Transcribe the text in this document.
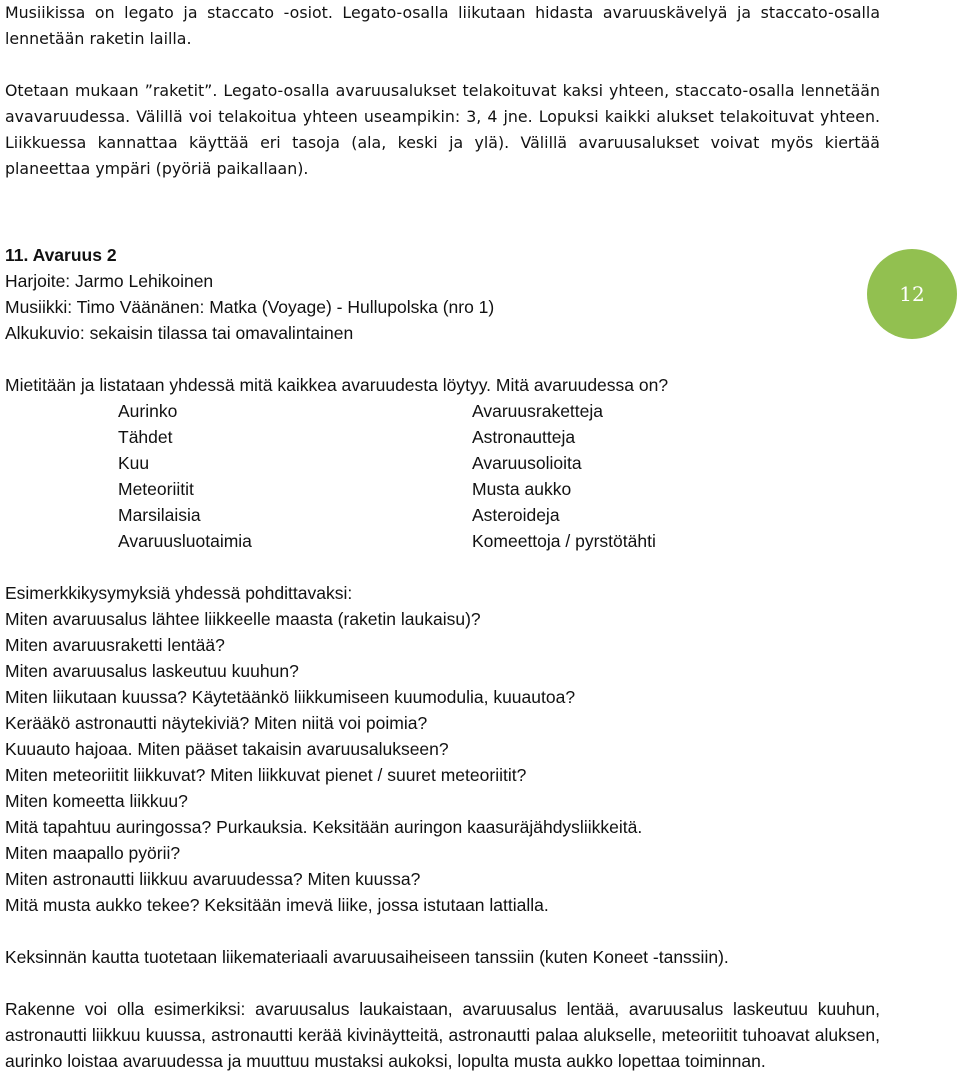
Musiikissa on legato ja staccato -osiot. Legato-osalla liikutaan hidasta avaruuskävelyä ja staccato-osalla lennetään raketin lailla.

Otetaan mukaan ”raketit”. Legato-osalla avaruusalukset telakoituvat kaksi yhteen, staccato-osalla lennetään avavaruudessa. Välillä voi telakoitua yhteen useampikin: 3, 4 jne. Lopuksi kaikki alukset telakoituvat yhteen. Liikkuessa kannattaa käyttää eri tasoja (ala, keski ja ylä). Välillä avaruusalukset voivat myös kiertää planeettaa ympäri (pyöriä paikallaan).

11. Avaruus 2

Harjoite: Jarmo Lehikoinen

Musiikki: Timo Väänänen: Matka (Voyage) - Hullupolska (nro 1)

Alkukuvio: sekaisin tilassa tai omavalintainen

Mietitään ja listataan yhdessä mitä kaikkea avaruudesta löytyy. Mitä avaruudessa on?

Aurinko	Avaruusraketteja
Tähdet	Astronautteja
Kuu	Avaruusolioita
Meteoriitit	Musta aukko
Marsilaisia	Asteroideja
Avaruusluotaimia	Komeettoja / pyrstötähti

Esimerkkikysymyksiä yhdessä pohdittavaksi:

Miten avaruusalus lähtee liikkeelle maasta (raketin laukaisu)?
Miten avaruusraketti lentää?
Miten avaruusalus laskeutuu kuuhun?
Miten liikutaan kuussa? Käytetäänkö liikkumiseen kuumodulia, kuuautoa?
Kerääkö astronautti näytekiviä? Miten niitä voi poimia?
Kuuauto hajoaa. Miten pääset takaisin avaruusalukseen?
Miten meteoriitit liikkuvat? Miten liikkuvat pienet / suuret meteoriitit?
Miten komeetta liikkuu?
Mitä tapahtuu auringossa? Purkauksia. Keksitään auringon kaasuräjähdysliikkeitä.
Miten maapallo pyörii?
Miten astronautti liikkuu avaruudessa? Miten kuussa?
Mitä musta aukko tekee? Keksitään imevä liike, jossa istutaan lattialla.

Keksinnän kautta tuotetaan liikemateriaali avaruusaiheiseen tanssiin (kuten Koneet -tanssiin).

Rakenne voi olla esimerkiksi: avaruusalus laukaistaan, avaruusalus lentää, avaruusalus laskeutuu kuuhun, astronautti liikkuu kuussa, astronautti kerää kivinäytteitä, astronautti palaa alukselle, meteoriitit tuhoavat aluksen, aurinko loistaa avaruudessa ja muuttuu mustaksi aukoksi, lopulta musta aukko lopettaa toiminnan.

12
